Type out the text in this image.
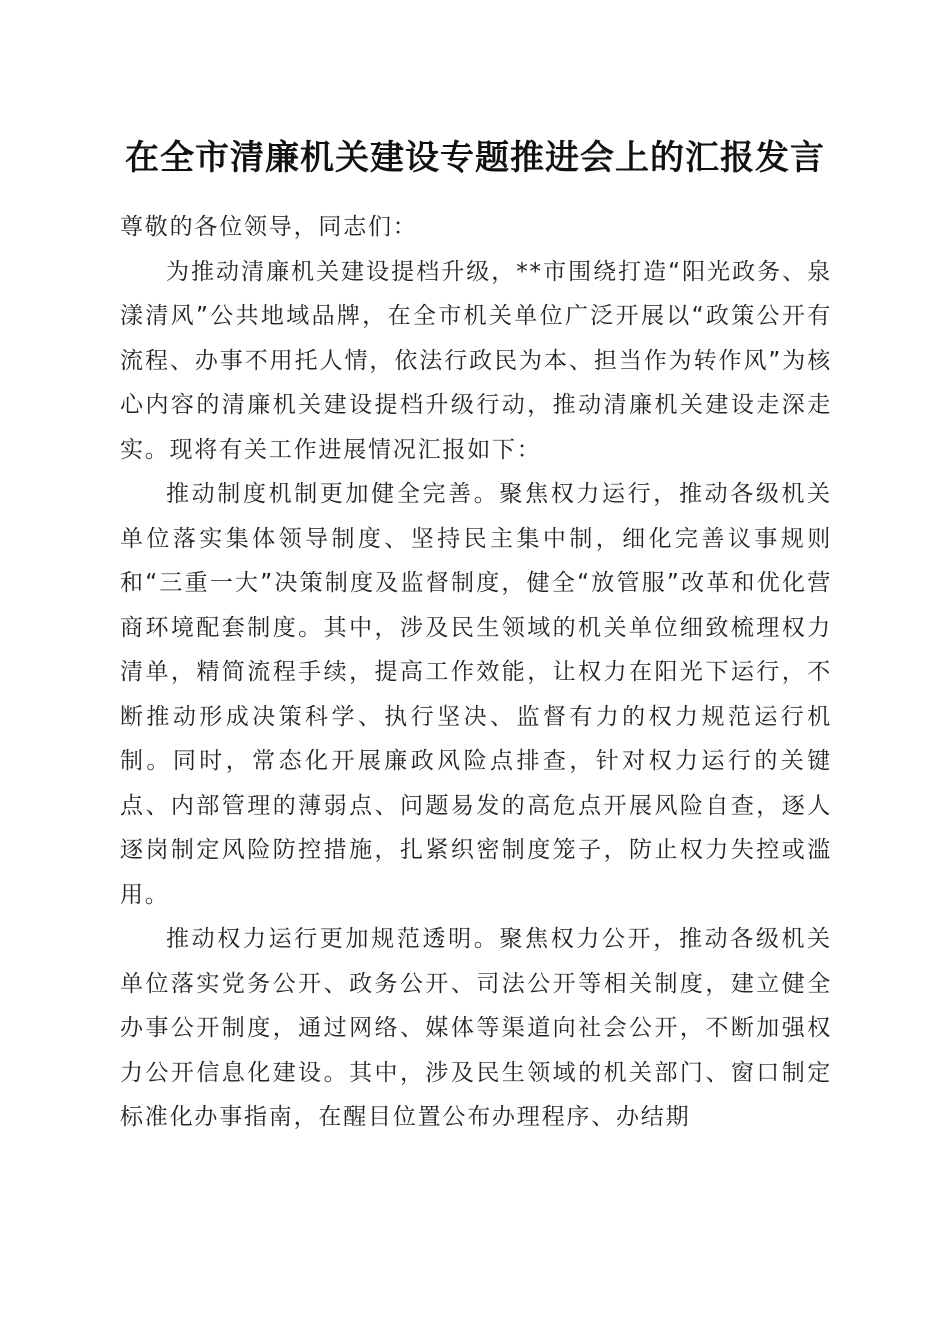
在全市清廉机关建设专题推进会上的汇报发言

尊敬的各位领导，同志们：

为推动清廉机关建设提档升级，**市围绕打造“阳光政务、泉漾清风”公共地域品牌，在全市机关单位广泛开展以“政策公开有流程、办事不用托人情，依法行政民为本、担当作为转作风”为核心内容的清廉机关建设提档升级行动，推动清廉机关建设走深走实。现将有关工作进展情况汇报如下：

推动制度机制更加健全完善。聚焦权力运行，推动各级机关单位落实集体领导制度、坚持民主集中制，细化完善议事规则和“三重一大”决策制度及监督制度，健全“放管服”改革和优化营商环境配套制度。其中，涉及民生领域的机关单位细致梳理权力清单，精简流程手续，提高工作效能，让权力在阳光下运行，不断推动形成决策科学、执行坚决、监督有力的权力规范运行机制。同时，常态化开展廉政风险点排查，针对权力运行的关键点、内部管理的薄弱点、问题易发的高危点开展风险自查，逐人逐岗制定风险防控措施，扎紧织密制度笼子，防止权力失控或滥用。

推动权力运行更加规范透明。聚焦权力公开，推动各级机关单位落实党务公开、政务公开、司法公开等相关制度，建立健全办事公开制度，通过网络、媒体等渠道向社会公开，不断加强权力公开信息化建设。其中，涉及民生领域的机关部门、窗口制定标准化办事指南，在醒目位置公布办理程序、办结期
